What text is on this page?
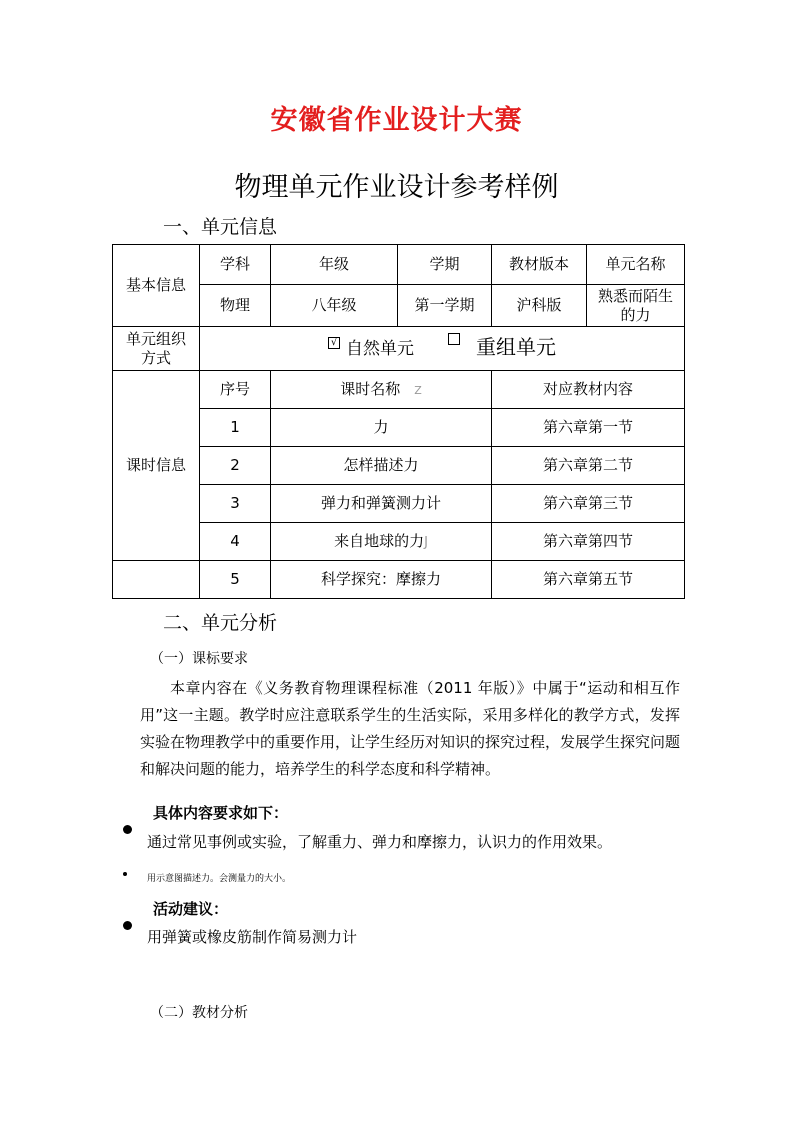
安徽省作业设计大赛
物理单元作业设计参考样例
一、单元信息
基本信息	学科	年级	学期	教材版本	单元名称
	物理	八年级	第一学期	沪科版	熟悉而陌生的力

单元组织方式	√ 自然单元 重组单元				
课时信息	序号	课时名称 Z		对应教材内容	
	1	力		第六章第一节	
	2	怎样描述力		第六章第二节	
	3	弹力和弹簧测力计		第六章第三节	
	4	来自地球的力J		第六章第四节	
	5	科学探究：摩擦力		第六章第五节	
二、单元分析
（一）课标要求

本章内容在《义务教育物理课程标准（2011 年版）》中属于“运动和相互作用”这一主题。教学时应注意联系学生的生活实际，采用多样化的教学方式，发挥实验在物理教学中的重要作用，让学生经历对知识的探究过程，发展学生探究问题和解决问题的能力，培养学生的科学态度和科学精神。

具体内容要求如下：
通过常见事例或实验，了解重力、弹力和摩擦力，认识力的作用效果。
用示意图描述力。会测量力的大小。
活动建议：
用弹簧或橡皮筋制作简易测力计
（二）教材分析
